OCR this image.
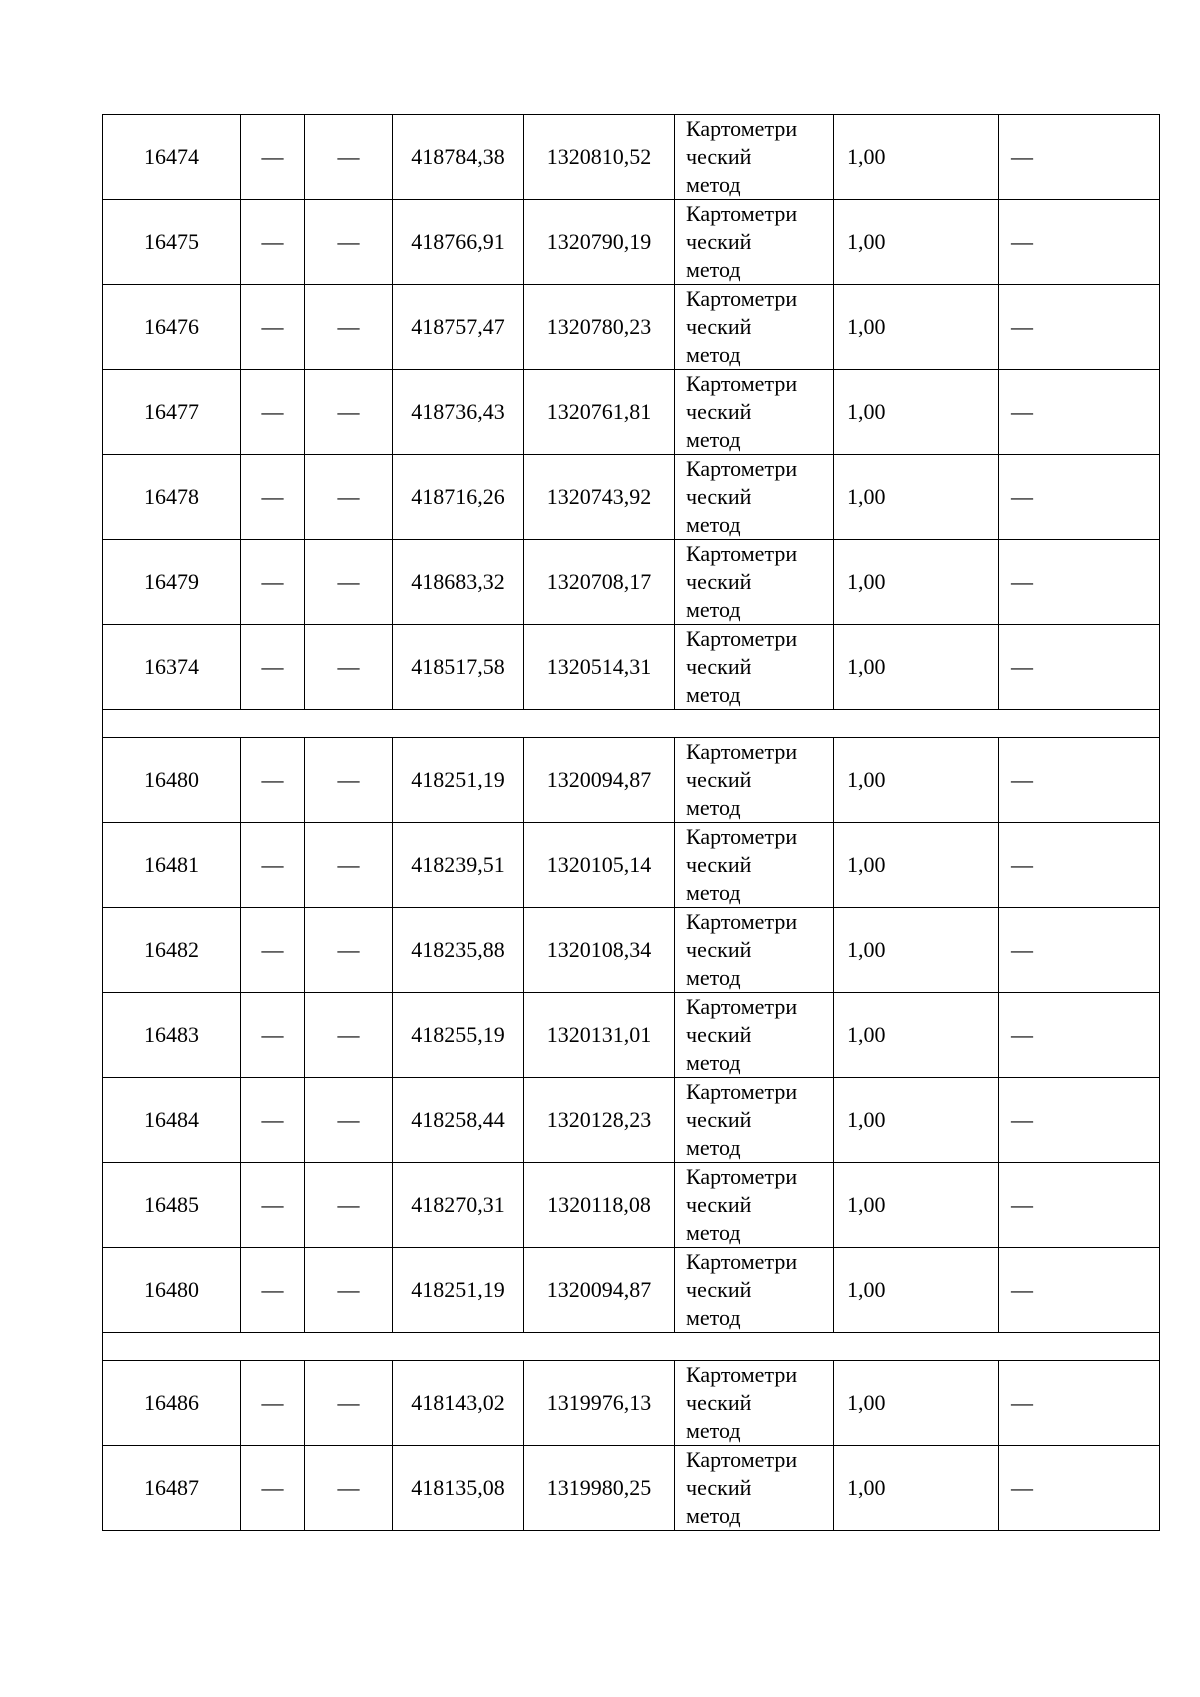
16474	—	—	418784,38	1320810,52	Картометри
ческий
метод	1,00	—
16475	—	—	418766,91	1320790,19	Картометри
ческий
метод	1,00	—
16476	—	—	418757,47	1320780,23	Картометри
ческий
метод	1,00	—
16477	—	—	418736,43	1320761,81	Картометри
ческий
метод	1,00	—
16478	—	—	418716,26	1320743,92	Картометри
ческий
метод	1,00	—
16479	—	—	418683,32	1320708,17	Картометри
ческий
метод	1,00	—
16374	—	—	418517,58	1320514,31	Картометри
ческий
метод	1,00	—

16480	—	—	418251,19	1320094,87	Картометри
ческий
метод	1,00	—
16481	—	—	418239,51	1320105,14	Картометри
ческий
метод	1,00	—
16482	—	—	418235,88	1320108,34	Картометри
ческий
метод	1,00	—
16483	—	—	418255,19	1320131,01	Картометри
ческий
метод	1,00	—
16484	—	—	418258,44	1320128,23	Картометри
ческий
метод	1,00	—
16485	—	—	418270,31	1320118,08	Картометри
ческий
метод	1,00	—
16480	—	—	418251,19	1320094,87	Картометри
ческий
метод	1,00	—

16486	—	—	418143,02	1319976,13	Картометри
ческий
метод	1,00	—
16487	—	—	418135,08	1319980,25	Картометри
ческий
метод	1,00	—
